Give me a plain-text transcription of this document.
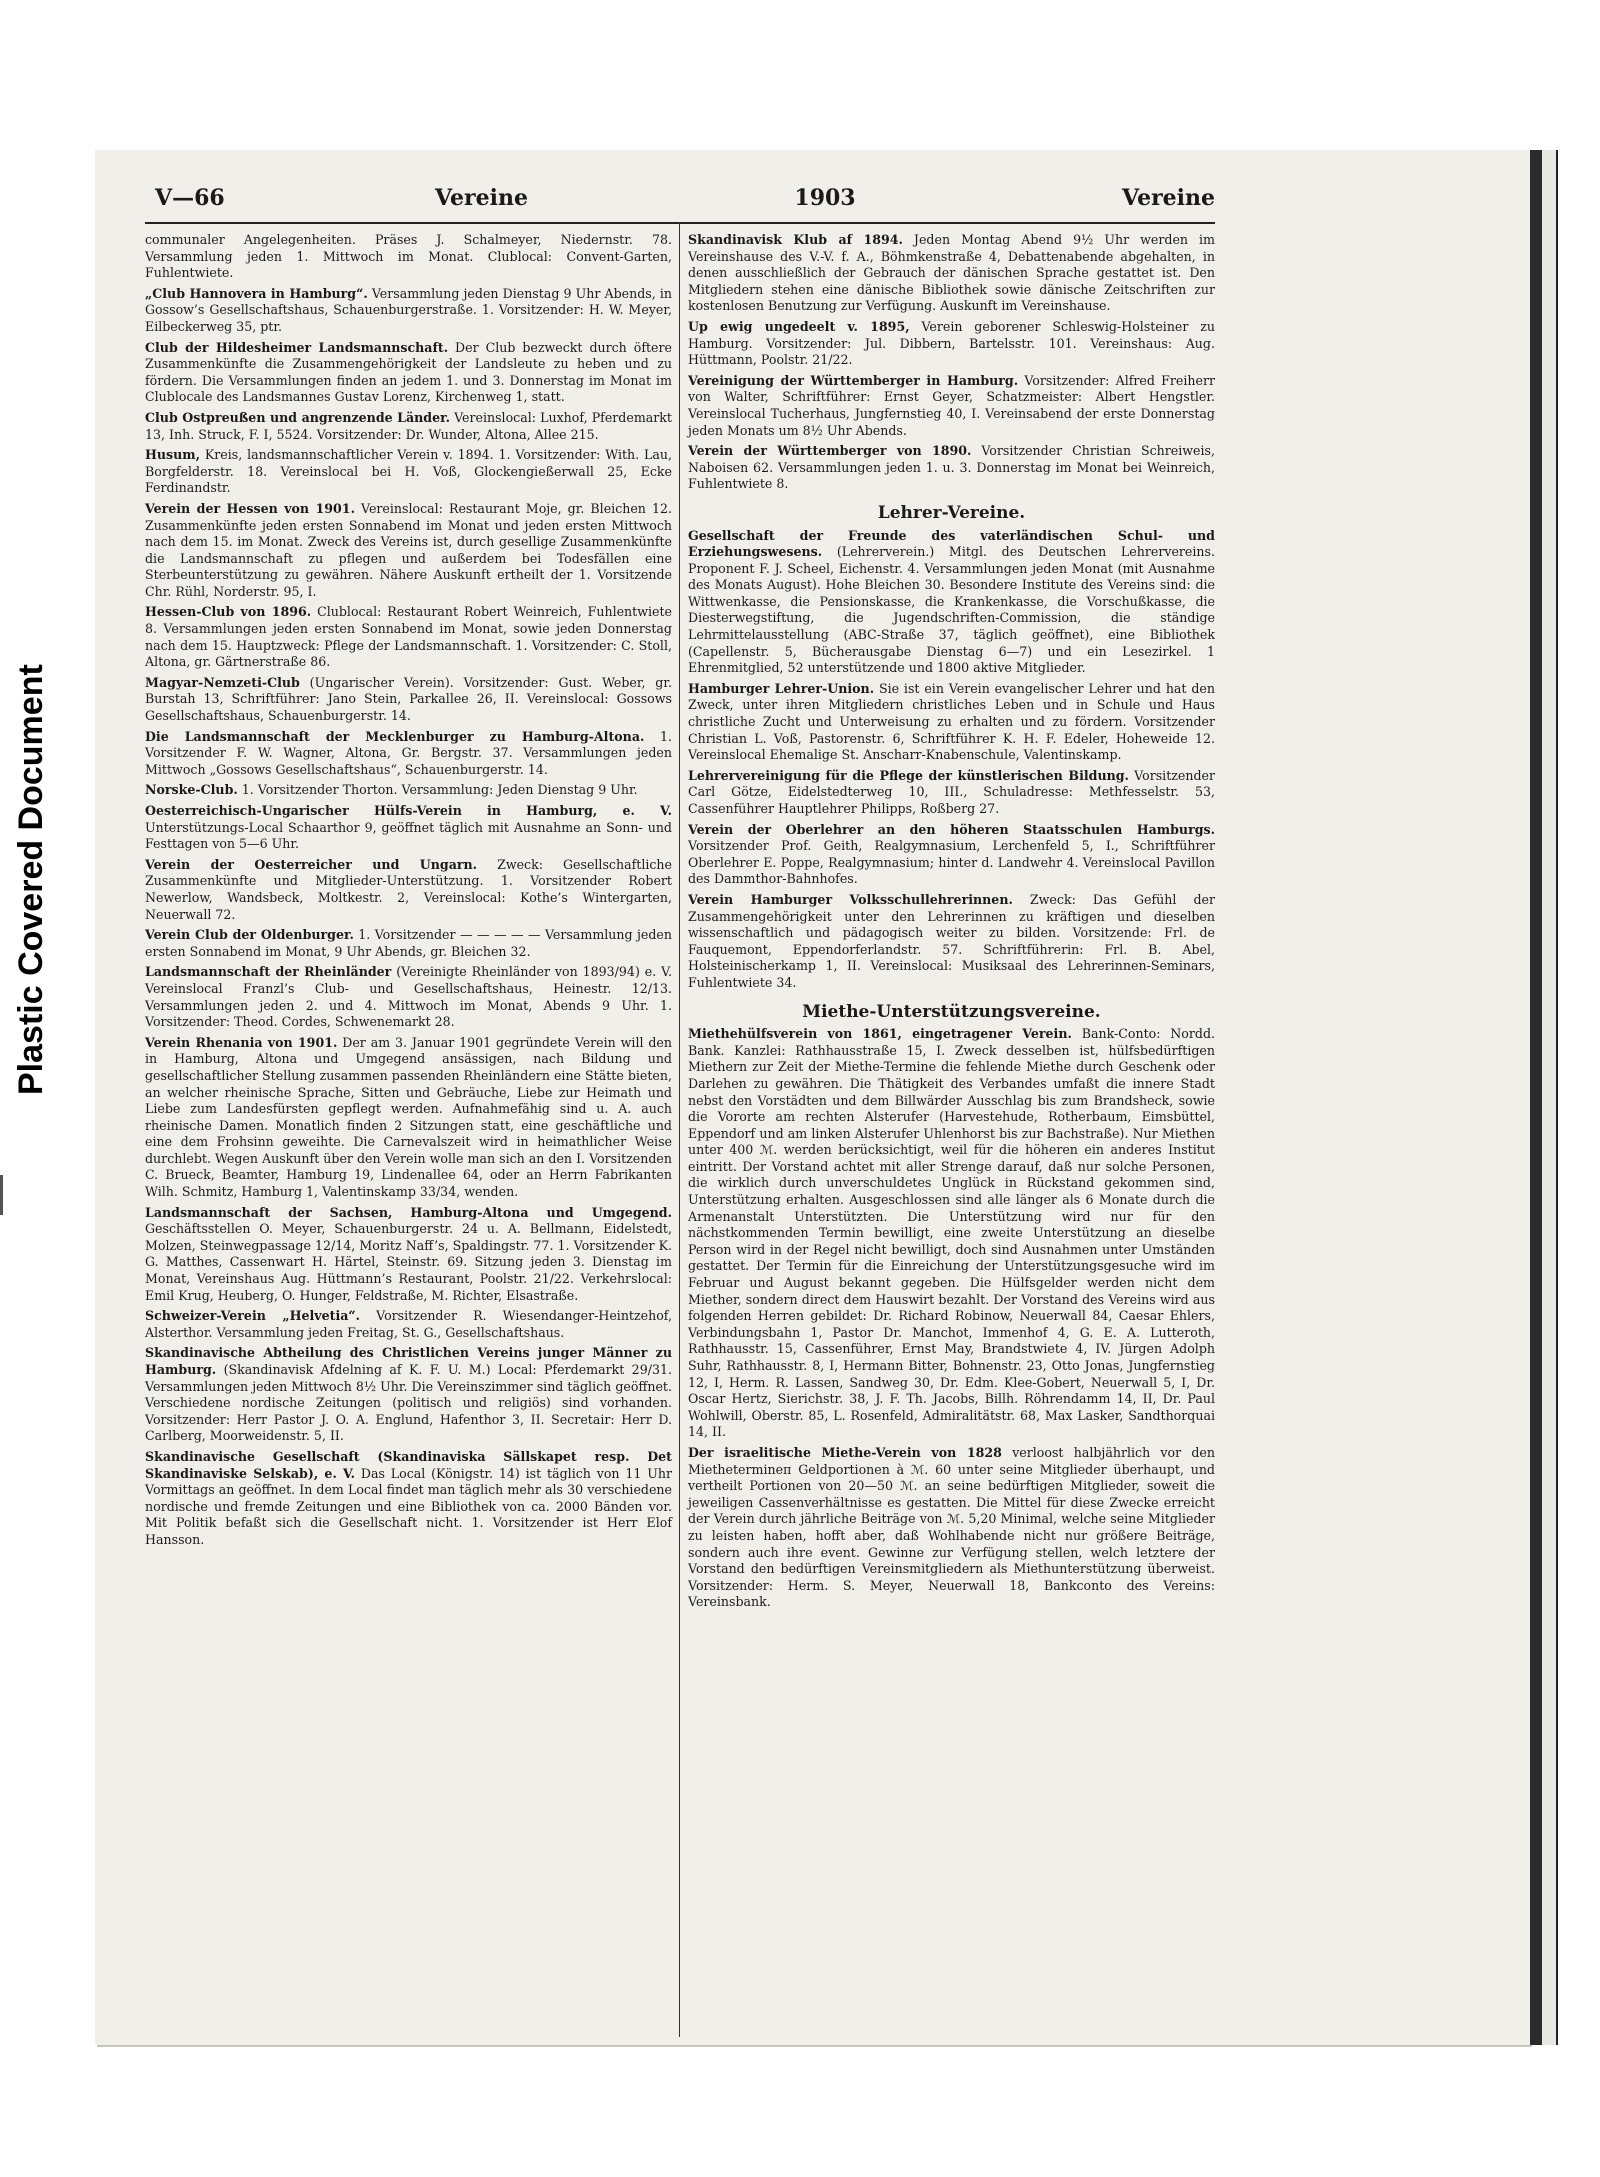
Plastic Covered Document
V—66	Vereine	1903	Vereine
communaler Angelegenheiten. Präses J. Schalmeyer, Niedernstr. 78. Versammlung jeden 1. Mittwoch im Monat. Clublocal: Convent-Garten, Fuhlentwiete.
„Club Hannovera in Hamburg“. Versammlung jeden Dienstag 9 Uhr Abends, in Gossow’s Gesellschaftshaus, Schauenburgerstraße. 1. Vorsitzender: H. W. Meyer, Eilbeckerweg 35, ptr.
Club der Hildesheimer Landsmannschaft. Der Club bezweckt durch öftere Zusammenkünfte die Zusammengehörigkeit der Landsleute zu heben und zu fördern. Die Versammlungen finden an jedem 1. und 3. Donnerstag im Monat im Clublocale des Landsmannes Gustav Lorenz, Kirchenweg 1, statt.
Club Ostpreußen und angrenzende Länder. Vereinslocal: Luxhof, Pferdemarkt 13, Inh. Struck, F. I, 5524. Vorsitzender: Dr. Wunder, Altona, Allee 215.
Husum, Kreis, landsmannschaftlicher Verein v. 1894. 1. Vorsitzender: With. Lau, Borgfelderstr. 18. Vereinslocal bei H. Voß, Glockengießerwall 25, Ecke Ferdinandstr.
Verein der Hessen von 1901. Vereinslocal: Restaurant Moje, gr. Bleichen 12. Zusammenkünfte jeden ersten Sonnabend im Monat und jeden ersten Mittwoch nach dem 15. im Monat. Zweck des Vereins ist, durch gesellige Zusammenkünfte die Landsmannschaft zu pflegen und außerdem bei Todesfällen eine Sterbeunterstützung zu gewähren. Nähere Auskunft ertheilt der 1. Vorsitzende Chr. Rühl, Norderstr. 95, I.
Hessen-Club von 1896. Clublocal: Restaurant Robert Weinreich, Fuhlentwiete 8. Versammlungen jeden ersten Sonnabend im Monat, sowie jeden Donnerstag nach dem 15. Hauptzweck: Pflege der Landsmannschaft. 1. Vorsitzender: C. Stoll, Altona, gr. Gärtnerstraße 86.
Magyar-Nemzeti-Club (Ungarischer Verein). Vorsitzender: Gust. Weber, gr. Burstah 13, Schriftführer: Jano Stein, Parkallee 26, II. Vereinslocal: Gossows Gesellschaftshaus, Schauenburgerstr. 14.
Die Landsmannschaft der Mecklenburger zu Hamburg-Altona. 1. Vorsitzender F. W. Wagner, Altona, Gr. Bergstr. 37. Versammlungen jeden Mittwoch „Gossows Gesellschaftshaus“, Schauenburgerstr. 14.
Norske-Club. 1. Vorsitzender Thorton. Versammlung: Jeden Dienstag 9 Uhr.
Oesterreichisch-Ungarischer Hülfs-Verein in Hamburg, e. V. Unterstützungs-Local Schaarthor 9, geöffnet täglich mit Ausnahme an Sonn- und Festtagen von 5—6 Uhr.
Verein der Oesterreicher und Ungarn. Zweck: Gesellschaftliche Zusammenkünfte und Mitglieder-Unterstützung. 1. Vorsitzender Robert Newerlow, Wandsbeck, Moltkestr. 2, Vereinslocal: Kothe’s Wintergarten, Neuerwall 72.
Verein Club der Oldenburger. 1. Vorsitzender — — — — — Versammlung jeden ersten Sonnabend im Monat, 9 Uhr Abends, gr. Bleichen 32.
Landsmannschaft der Rheinländer (Vereinigte Rheinländer von 1893/94) e. V. Vereinslocal Franzl’s Club- und Gesellschaftshaus, Heinestr. 12/13. Versammlungen jeden 2. und 4. Mittwoch im Monat, Abends 9 Uhr. 1. Vorsitzender: Theod. Cordes, Schwenemarkt 28.
Verein Rhenania von 1901. Der am 3. Januar 1901 gegründete Verein will den in Hamburg, Altona und Umgegend ansässigen, nach Bildung und gesellschaftlicher Stellung zusammen passenden Rheinländern eine Stätte bieten, an welcher rheinische Sprache, Sitten und Gebräuche, Liebe zur Heimath und Liebe zum Landesfürsten gepflegt werden. Aufnahmefähig sind u. A. auch rheinische Damen. Monatlich finden 2 Sitzungen statt, eine geschäftliche und eine dem Frohsinn geweihte. Die Carnevalszeit wird in heimathlicher Weise durchlebt. Wegen Auskunft über den Verein wolle man sich an den I. Vorsitzenden C. Brueck, Beamter, Hamburg 19, Lindenallee 64, oder an Herrn Fabrikanten Wilh. Schmitz, Hamburg 1, Valentinskamp 33/34, wenden.
Landsmannschaft der Sachsen, Hamburg-Altona und Umgegend. Geschäftsstellen O. Meyer, Schauenburgerstr. 24 u. A. Bellmann, Eidelstedt, Molzen, Steinwegpassage 12/14, Moritz Naff’s, Spaldingstr. 77. 1. Vorsitzender K. G. Matthes, Cassenwart H. Härtel, Steinstr. 69. Sitzung jeden 3. Dienstag im Monat, Vereinshaus Aug. Hüttmann’s Restaurant, Poolstr. 21/22. Verkehrslocal: Emil Krug, Heuberg, O. Hunger, Feldstraße, M. Richter, Elsastraße.
Schweizer-Verein „Helvetia“. Vorsitzender R. Wiesendanger-Heintzehof, Alsterthor. Versammlung jeden Freitag, St. G., Gesellschaftshaus.
Skandinavische Abtheilung des Christlichen Vereins junger Männer zu Hamburg. (Skandinavisk Afdelning af K. F. U. M.) Local: Pferdemarkt 29/31. Versammlungen jeden Mittwoch 8½ Uhr. Die Vereinszimmer sind täglich geöffnet. Verschiedene nordische Zeitungen (politisch und religiös) sind vorhanden. Vorsitzender: Herr Pastor J. O. A. Englund, Hafenthor 3, II. Secretair: Herr D. Carlberg, Moorweidenstr. 5, II.
Skandinavische Gesellschaft (Skandinaviska Sällskapet resp. Det Skandinaviske Selskab), e. V. Das Local (Königstr. 14) ist täglich von 11 Uhr Vormittags an geöffnet. In dem Local findet man täglich mehr als 30 verschiedene nordische und fremde Zeitungen und eine Bibliothek von ca. 2000 Bänden vor. Mit Politik befaßt sich die Gesellschaft nicht. 1. Vorsitzender ist Herr Elof Hansson.
Skandinavisk Klub af 1894. Jeden Montag Abend 9½ Uhr werden im Vereinshause des V.-V. f. A., Böhmkenstraße 4, Debattenabende abgehalten, in denen ausschließlich der Gebrauch der dänischen Sprache gestattet ist. Den Mitgliedern stehen eine dänische Bibliothek sowie dänische Zeitschriften zur kostenlosen Benutzung zur Verfügung. Auskunft im Vereinshause.
Up ewig ungedeelt v. 1895, Verein geborener Schleswig-Holsteiner zu Hamburg. Vorsitzender: Jul. Dibbern, Bartelsstr. 101. Vereinshaus: Aug. Hüttmann, Poolstr. 21/22.
Vereinigung der Württemberger in Hamburg. Vorsitzender: Alfred Freiherr von Walter, Schriftführer: Ernst Geyer, Schatzmeister: Albert Hengstler. Vereinslocal Tucherhaus, Jungfernstieg 40, I. Vereinsabend der erste Donnerstag jeden Monats um 8½ Uhr Abends.
Verein der Württemberger von 1890. Vorsitzender Christian Schreiweis, Naboisen 62. Versammlungen jeden 1. u. 3. Donnerstag im Monat bei Weinreich, Fuhlentwiete 8.
Lehrer-Vereine.
Gesellschaft der Freunde des vaterländischen Schul- und Erziehungswesens. (Lehrerverein.) Mitgl. des Deutschen Lehrervereins. Proponent F. J. Scheel, Eichenstr. 4. Versammlungen jeden Monat (mit Ausnahme des Monats August). Hohe Bleichen 30. Besondere Institute des Vereins sind: die Wittwenkasse, die Pensionskasse, die Krankenkasse, die Vorschußkasse, die Diesterwegstiftung, die Jugendschriften-Commission, die ständige Lehrmittelausstellung (ABC-Straße 37, täglich geöffnet), eine Bibliothek (Capellenstr. 5, Bücherausgabe Dienstag 6—7) und ein Lesezirkel. 1 Ehrenmitglied, 52 unterstützende und 1800 aktive Mitglieder.
Hamburger Lehrer-Union. Sie ist ein Verein evangelischer Lehrer und hat den Zweck, unter ihren Mitgliedern christliches Leben und in Schule und Haus christliche Zucht und Unterweisung zu erhalten und zu fördern. Vorsitzender Christian L. Voß, Pastorenstr. 6, Schriftführer K. H. F. Edeler, Hoheweide 12. Vereinslocal Ehemalige St. Anscharr-Knabenschule, Valentinskamp.
Lehrervereinigung für die Pflege der künstlerischen Bildung. Vorsitzender Carl Götze, Eidelstedterweg 10, III., Schuladresse: Methfesselstr. 53, Cassenführer Hauptlehrer Philipps, Roßberg 27.
Verein der Oberlehrer an den höheren Staatsschulen Hamburgs. Vorsitzender Prof. Geith, Realgymnasium, Lerchenfeld 5, I., Schriftführer Oberlehrer E. Poppe, Realgymnasium; hinter d. Landwehr 4. Vereinslocal Pavillon des Dammthor-Bahnhofes.
Verein Hamburger Volksschullehrerinnen. Zweck: Das Gefühl der Zusammengehörigkeit unter den Lehrerinnen zu kräftigen und dieselben wissenschaftlich und pädagogisch weiter zu bilden. Vorsitzende: Frl. de Fauquemont, Eppendorferlandstr. 57. Schriftführerin: Frl. B. Abel, Holsteinischerkamp 1, II. Vereinslocal: Musiksaal des Lehrerinnen-Seminars, Fuhlentwiete 34.
Miethe-Unterstützungsvereine.
Miethehülfsverein von 1861, eingetragener Verein. Bank-Conto: Nordd. Bank. Kanzlei: Rathhausstraße 15, I. Zweck desselben ist, hülfsbedürftigen Miethern zur Zeit der Miethe-Termine die fehlende Miethe durch Geschenk oder Darlehen zu gewähren. Die Thätigkeit des Verbandes umfaßt die innere Stadt nebst den Vorstädten und dem Billwärder Ausschlag bis zum Brandsheck, sowie die Vororte am rechten Alsterufer (Harvestehude, Rotherbaum, Eimsbüttel, Eppendorf und am linken Alsterufer Uhlenhorst bis zur Bachstraße). Nur Miethen unter 400 ℳ. werden berücksichtigt, weil für die höheren ein anderes Institut eintritt. Der Vorstand achtet mit aller Strenge darauf, daß nur solche Personen, die wirklich durch unverschuldetes Unglück in Rückstand gekommen sind, Unterstützung erhalten. Ausgeschlossen sind alle länger als 6 Monate durch die Armenanstalt Unterstützten. Die Unterstützung wird nur für den nächstkommenden Termin bewilligt, eine zweite Unterstützung an dieselbe Person wird in der Regel nicht bewilligt, doch sind Ausnahmen unter Umständen gestattet. Der Termin für die Einreichung der Unterstützungsgesuche wird im Februar und August bekannt gegeben. Die Hülfsgelder werden nicht dem Miether, sondern direct dem Hauswirt bezahlt. Der Vorstand des Vereins wird aus folgenden Herren gebildet: Dr. Richard Robinow, Neuerwall 84, Caesar Ehlers, Verbindungsbahn 1, Pastor Dr. Manchot, Immenhof 4, G. E. A. Lutteroth, Rathhausstr. 15, Cassenführer, Ernst May, Brandstwiete 4, IV. Jürgen Adolph Suhr, Rathhausstr. 8, I, Hermann Bitter, Bohnenstr. 23, Otto Jonas, Jungfernstieg 12, I, Herm. R. Lassen, Sandweg 30, Dr. Edm. Klee-Gobert, Neuerwall 5, I, Dr. Oscar Hertz, Sierichstr. 38, J. F. Th. Jacobs, Billh. Röhrendamm 14, II, Dr. Paul Wohlwill, Oberstr. 85, L. Rosenfeld, Admiralitätstr. 68, Max Lasker, Sandthorquai 14, II.
Der israelitische Miethe-Verein von 1828 verloost halbjährlich vor den Miethetermineп Geldportionen à ℳ. 60 unter seine Mitglieder überhaupt, und vertheilt Portionen von 20—50 ℳ. an seine bedürftigen Mitglieder, soweit die jeweiligen Cassenverhältnisse es gestatten. Die Mittel für diese Zwecke erreicht der Verein durch jährliche Beiträge von ℳ. 5,20 Minimal, welche seine Mitglieder zu leisten haben, hofft aber, daß Wohlhabende nicht nur größere Beiträge, sondern auch ihre event. Gewinne zur Verfügung stellen, welch letztere der Vorstand den bedürftigen Vereinsmitgliedern als Miethunterstützung überweist. Vorsitzender: Herm. S. Meyer, Neuerwall 18, Bankconto des Vereins: Vereinsbank.
